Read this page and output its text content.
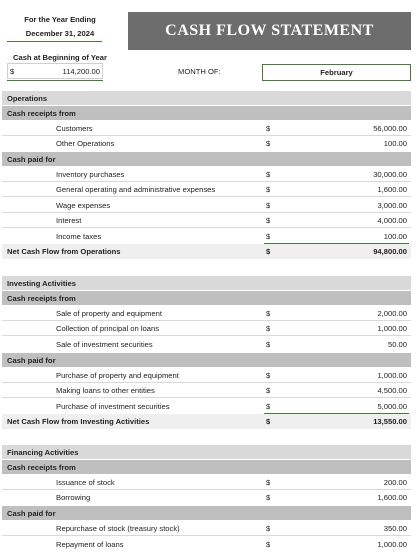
For the Year Ending
December 31, 2024	CASH FLOW STATEMENT
Cash at Beginning of Year
$	114,200.00	MONTH OF:	February
Operations
Cash receipts from
Customers	$	56,000.00
Other Operations	$	100.00
Cash paid for
Inventory purchases	$	30,000.00
General operating and administrative expenses	$	1,600.00
Wage expenses	$	3,000.00
Interest	$	4,000.00
Income taxes	$	100.00
Net Cash Flow from Operations	$	94,800.00
Investing Activities
Cash receipts from
Sale of property and equipment	$	2,000.00
Collection of principal on loans	$	1,000.00
Sale of investment securities	$	50.00
Cash paid for
Purchase of property and equipment	$	1,000.00
Making loans to other entities	$	4,500.00
Purchase of investment securities	$	5,000.00
Net Cash Flow from Investing Activities	$	13,550.00
Financing Activities
Cash receipts from
Issuance of stock	$	200.00
Borrowing	$	1,600.00
Cash paid for
Repurchase of stock (treasury stock)	$	350.00
Repayment of loans	$	1,000.00
